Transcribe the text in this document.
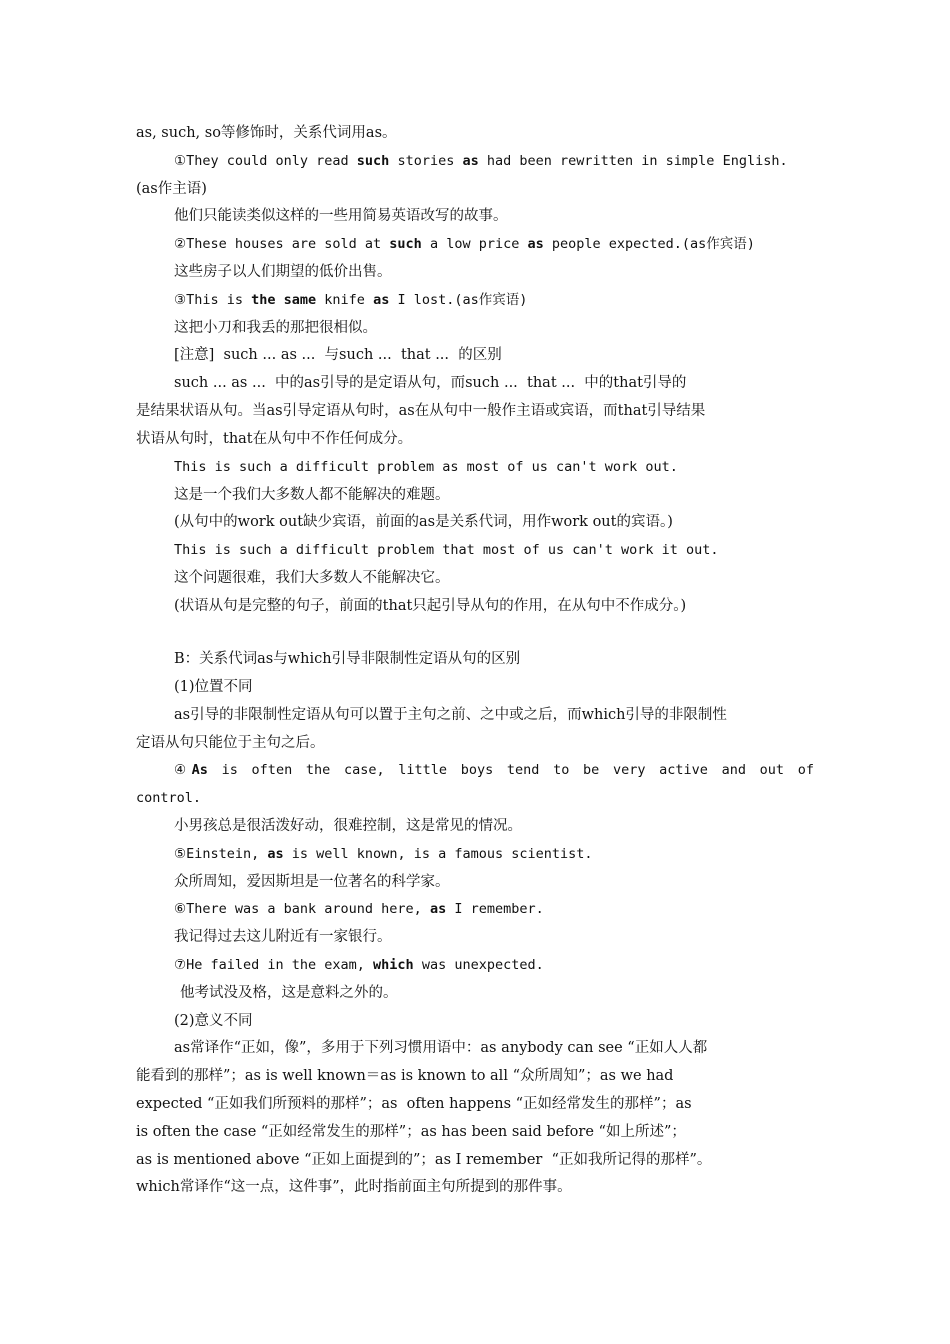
as, such, so等修饰时，关系代词用as。
①They could only read such stories as had been rewritten in simple English.
(as作主语)
他们只能读类似这样的一些用简易英语改写的故事。
②These houses are sold at such a low price as people expected.(as作宾语)
这些房子以人们期望的低价出售。
③This is the same knife as I lost.(as作宾语)
这把小刀和我丢的那把很相似。
[注意]  such ... as ...  与such ...  that ...  的区别
such ... as ...  中的as引导的是定语从句，而such ...  that ...  中的that引导的
是结果状语从句。当as引导定语从句时，as在从句中一般作主语或宾语，而that引导结果
状语从句时，that在从句中不作任何成分。
This is such a difficult problem as most of us can't work out.
这是一个我们大多数人都不能解决的难题。
(从句中的work out缺少宾语，前面的as是关系代词，用作work out的宾语。)
This is such a difficult problem that most of us can't work it out.
这个问题很难，我们大多数人不能解决它。
(状语从句是完整的句子，前面的that只起引导从句的作用，在从句中不作成分。)
B：关系代词as与which引导非限制性定语从句的区别
(1)位置不同
as引导的非限制性定语从句可以置于主句之前、之中或之后，而which引导的非限制性
定语从句只能位于主句之后。
④As is often the case, little boys tend to be very active and out of
control.
小男孩总是很活泼好动，很难控制，这是常见的情况。
⑤Einstein, as is well known, is a famous scientist.
众所周知，爱因斯坦是一位著名的科学家。
⑥There was a bank around here, as I remember.
我记得过去这儿附近有一家银行。
⑦He failed in the exam, which was unexpected.
他考试没及格，这是意料之外的。
(2)意义不同
as常译作“正如，像”，多用于下列习惯用语中：as anybody can see “正如人人都
能看到的那样”；as is well known＝as is known to all “众所周知”；as we had
expected “正如我们所预料的那样”；as  often happens “正如经常发生的那样”；as
is often the case “正如经常发生的那样”；as has been said before “如上所述”；
as is mentioned above “正如上面提到的”；as I remember  “正如我所记得的那样”。
which常译作“这一点，这件事”，此时指前面主句所提到的那件事。
